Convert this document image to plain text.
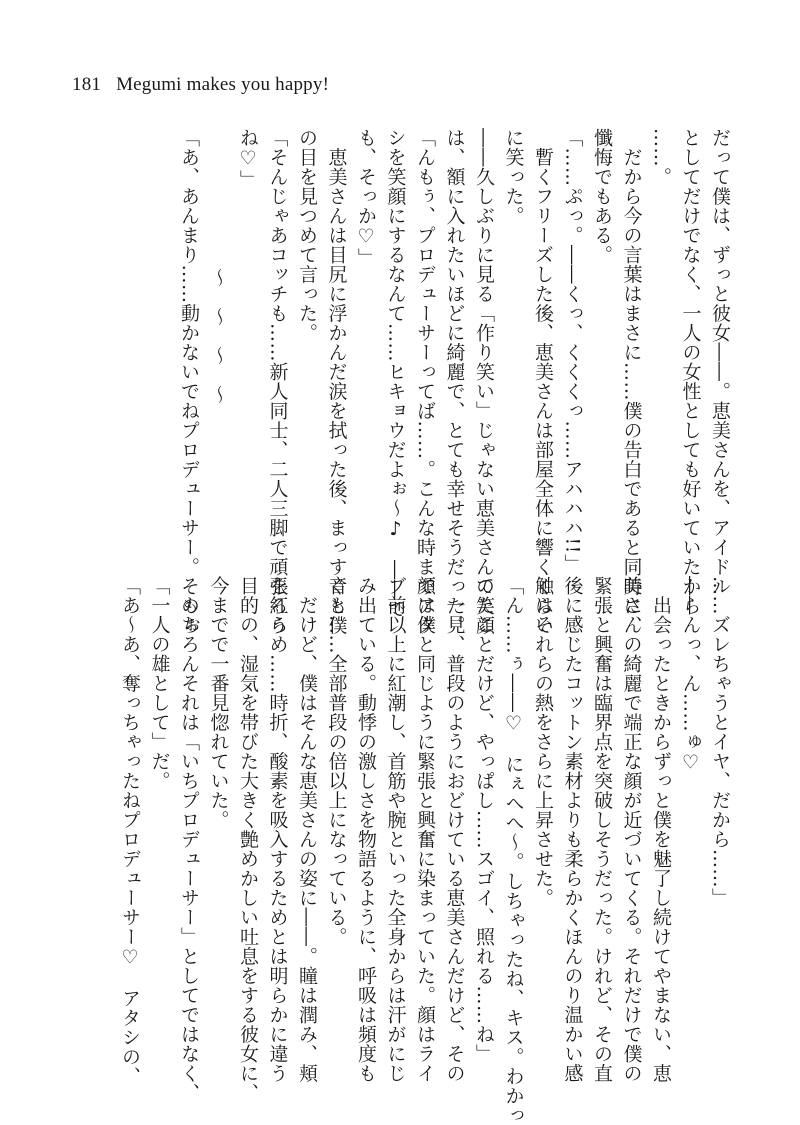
181 Megumi makes you happy!

だって僕は、ずっと彼女――。恵美さんを、アイドル

としてだけでなく、一人の女性としても好いていたから

……。

　だから今の言葉はまさに……僕の告白であると同時に、

懺悔でもある。

「……ぷっ。――くっ、くくくっ……アハハハ!!」

　暫くフリーズした後、恵美さんは部屋全体に響くくらい

に笑った。

――久しぶりに見る「作り笑い」じゃない恵美さんの笑顔

は、額に入れたいほどに綺麗で、とても幸せそうだった。

「んもぅ、プロデューサーってば……。こんな時までアタ

シを笑顔にするなんて……ヒキョウだよぉ～♪　――で

も、そっか♡」

　恵美さんは目尻に浮かんだ涙を拭った後、まっすぐと僕

の目を見つめて言った。

「そんじゃあコッチも……新人同士、二人三脚で頑張ろう

ね♡」

～　～　～　～

「あ、あんまり……動かないでねプロデューサー。そのぉ

……ズレちゃうとイヤ、だから……」

――んっ、ん……ゅ♡

　出会ったときからずっと僕を魅了し続けてやまない、恵

美さんの綺麗で端正な顔が近づいてくる。それだけで僕の

緊張と興奮は臨界点を突破しそうだった。けれど、その直

後に感じたコットン素材よりも柔らかくほんのり温かい感

触はそれらの熱をさらに上昇させた。

「ん……ぅ――♡　にぇへへ～。しちゃったね、キス。わかっ

てたことだけど、やっぱし……スゴイ、照れる……ね」

　一見、普段のようにおどけている恵美さんだけど、その

顔は僕と同じように緊張と興奮に染まっていた。顔はライ

ブ前以上に紅潮し、首筋や腕といった全身からは汗がにじ

み出ている。動悸の激しさを物語るように、呼吸は頻度も

音も……全部普段の倍以上になっている。

　だけど、僕はそんな恵美さんの姿に――。瞳は潤み、頬

を紅らめ……時折、酸素を吸入するためとは明らかに違う

目的の、湿気を帯びた大きく艶めかしい吐息をする彼女に、

今までで一番見惚れていた。

　もちろんそれは「いちプロデューサー」としてではなく、

「一人の雄として」だ。

「あ～あ、奪っちゃったねプロデューサー♡　アタシの、
